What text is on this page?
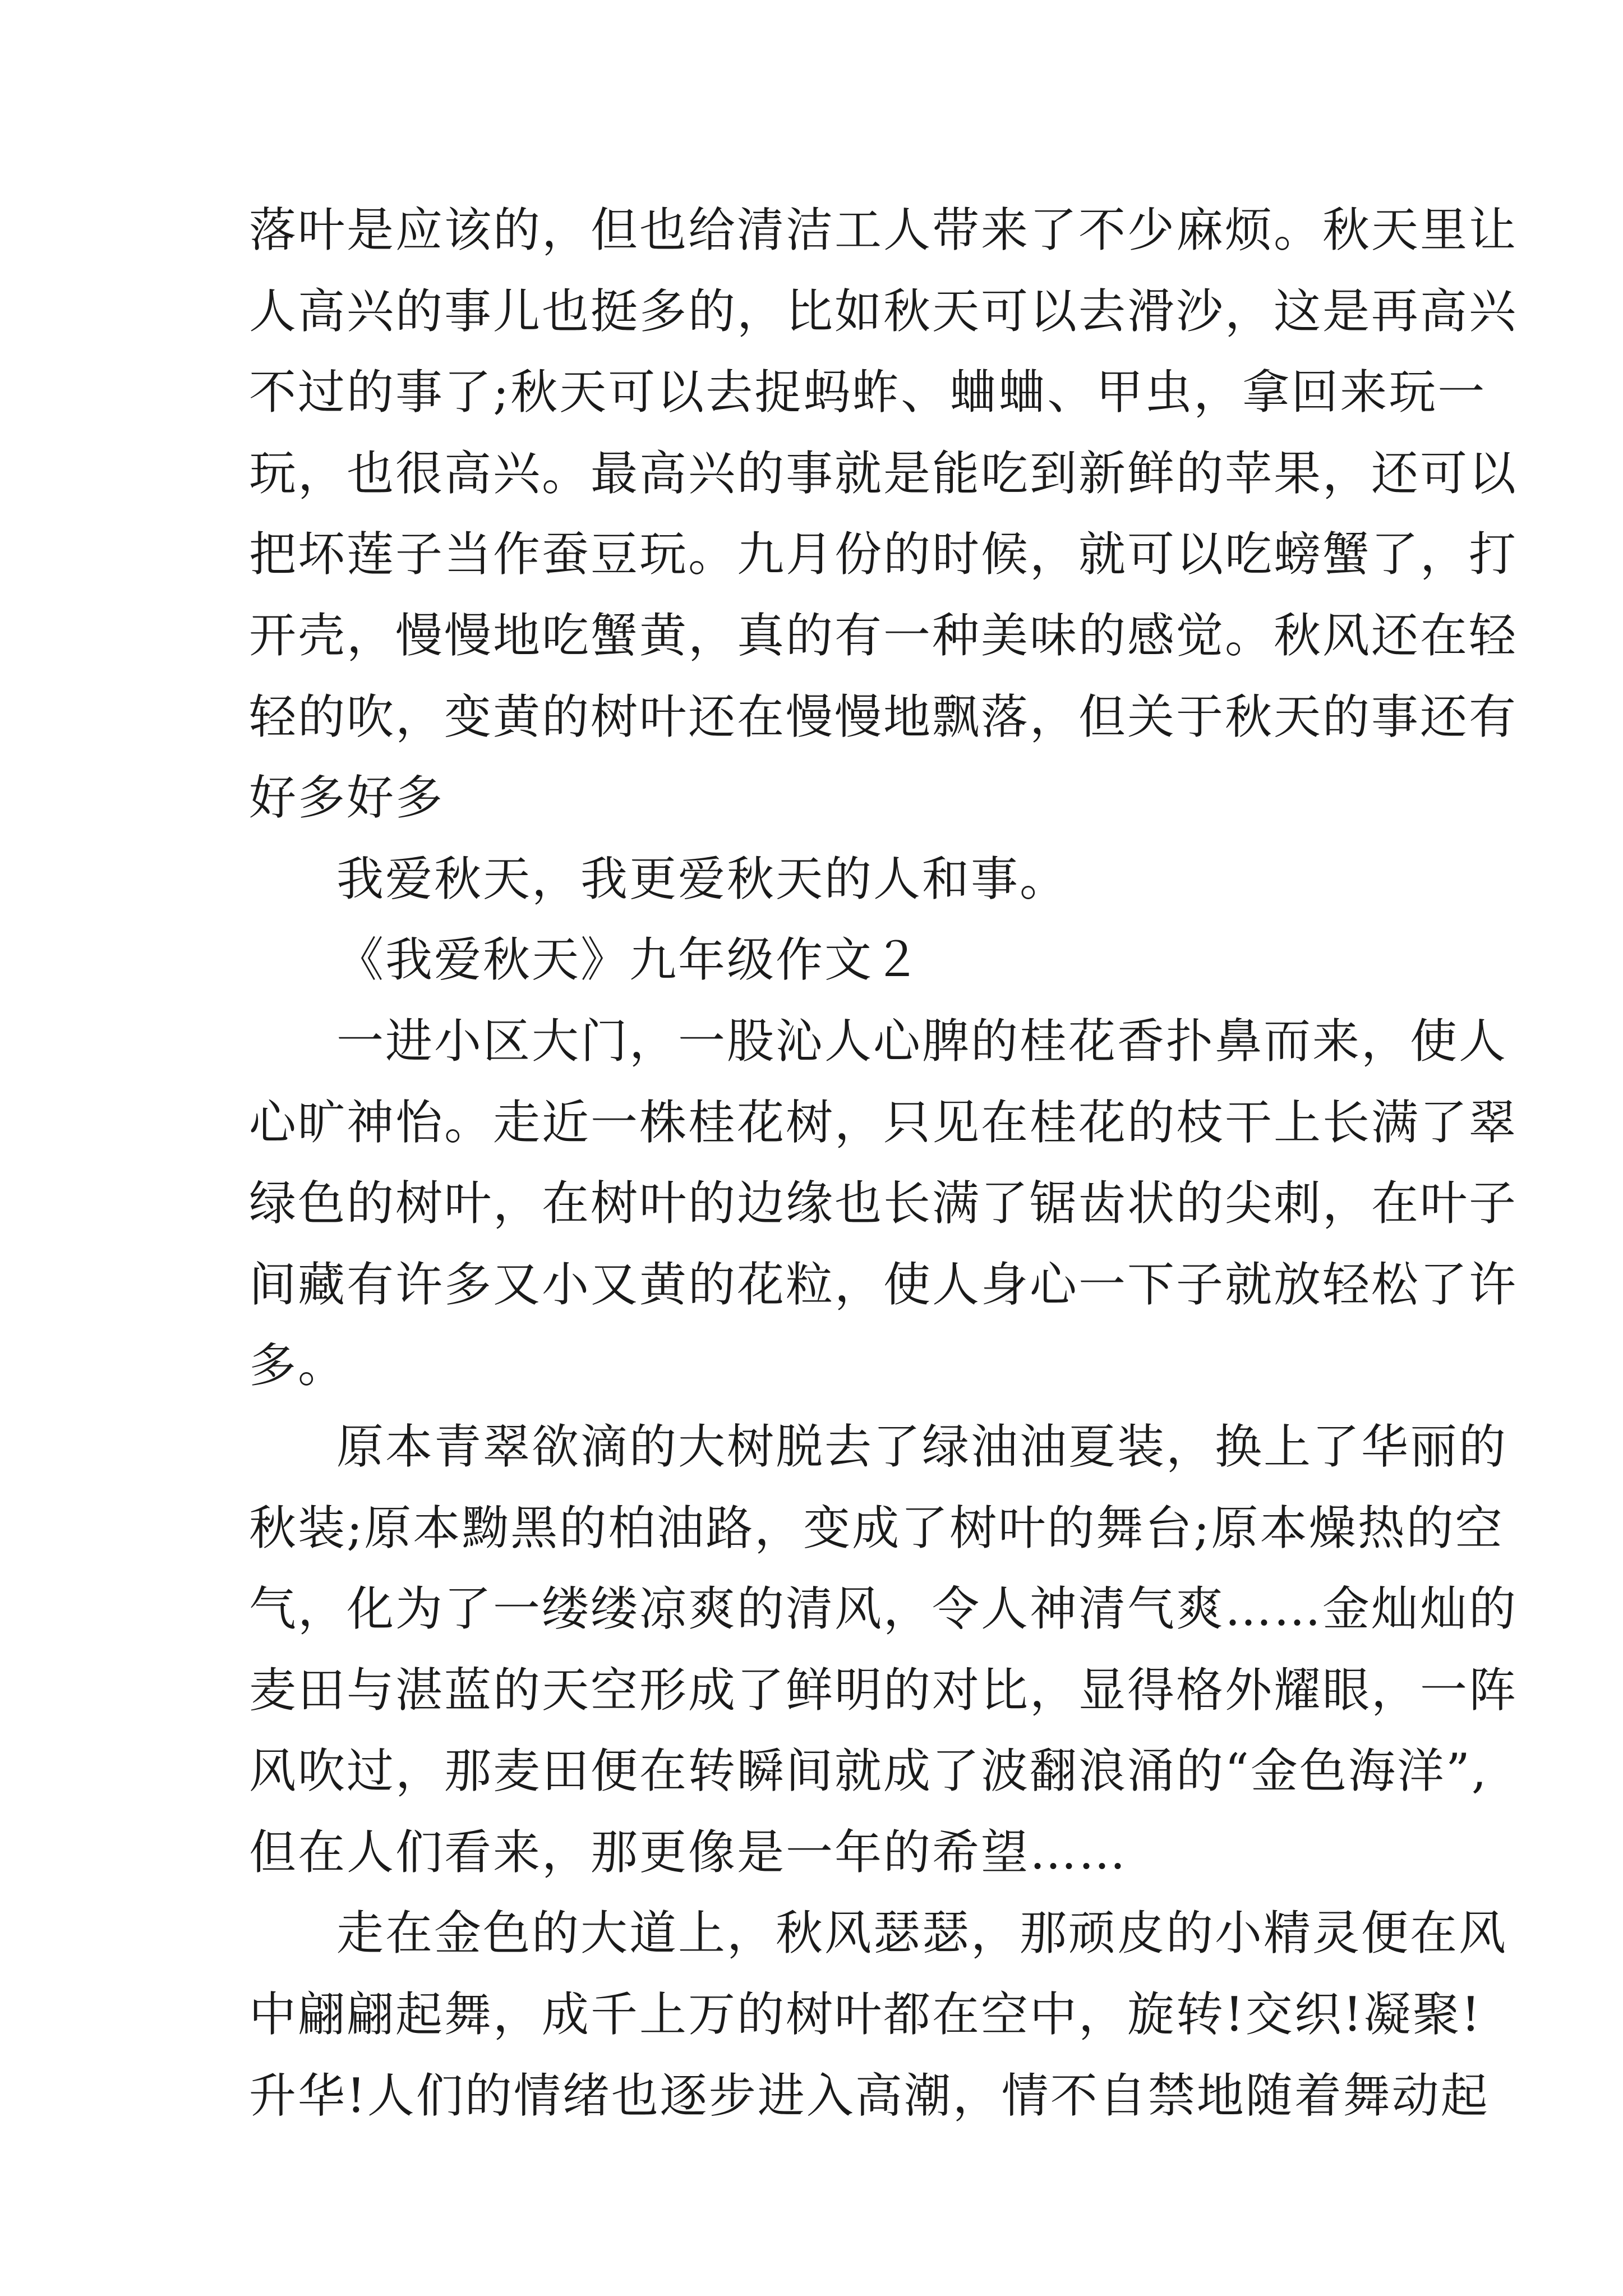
落叶是应该的，但也给清洁工人带来了不少麻烦。秋天里让
人高兴的事儿也挺多的，比如秋天可以去滑沙，这是再高兴
不过的事了;秋天可以去捉蚂蚱、蛐蛐、甲虫，拿回来玩一
玩，也很高兴。最高兴的事就是能吃到新鲜的苹果，还可以
把坏莲子当作蚕豆玩。九月份的时候，就可以吃螃蟹了，打
开壳，慢慢地吃蟹黄，真的有一种美味的感觉。秋风还在轻
轻的吹，变黄的树叶还在慢慢地飘落，但关于秋天的事还有
好多好多
我爱秋天，我更爱秋天的人和事。
《我爱秋天》九年级作文２
一进小区大门，一股沁人心脾的桂花香扑鼻而来，使人
心旷神怡。走近一株桂花树，只见在桂花的枝干上长满了翠
绿色的树叶，在树叶的边缘也长满了锯齿状的尖刺，在叶子
间藏有许多又小又黄的花粒，使人身心一下子就放轻松了许
多。
原本青翠欲滴的大树脱去了绿油油夏装，换上了华丽的
秋装;原本黝黑的柏油路，变成了树叶的舞台;原本燥热的空
气，化为了一缕缕凉爽的清风，令人神清气爽……金灿灿的
麦田与湛蓝的天空形成了鲜明的对比，显得格外耀眼，一阵
风吹过，那麦田便在转瞬间就成了波翻浪涌的“金色海洋”,
但在人们看来，那更像是一年的希望……
走在金色的大道上，秋风瑟瑟，那顽皮的小精灵便在风
中翩翩起舞，成千上万的树叶都在空中，旋转!交织!凝聚!
升华!人们的情绪也逐步进入高潮，情不自禁地随着舞动起
